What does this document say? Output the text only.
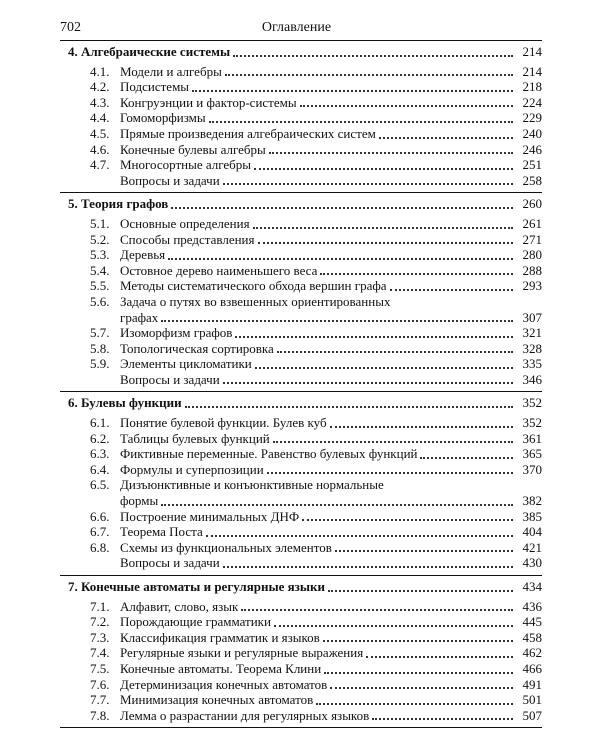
702	Оглавление
4. Алгебраические системы	214
4.1. Модели и алгебры	214
4.2. Подсистемы	218
4.3. Конгруэнции и фактор-системы	224
4.4. Гомоморфизмы	229
4.5. Прямые произведения алгебраических систем	240
4.6. Конечные булевы алгебры	246
4.7. Многосортные алгебры	251
Вопросы и задачи	258
5. Теория графов	260
5.1. Основные определения	261
5.2. Способы представления	271
5.3. Деревья	280
5.4. Остовное дерево наименьшего веса	288
5.5. Методы систематического обхода вершин графа	293
5.6. Задача о путях во взвешенных ориентированных
графах	307
5.7. Изоморфизм графов	321
5.8. Топологическая сортировка	328
5.9. Элементы цикломатики	335
Вопросы и задачи	346
6. Булевы функции	352
6.1. Понятие булевой функции. Булев куб	352
6.2. Таблицы булевых функций	361
6.3. Фиктивные переменные. Равенство булевых функций	365
6.4. Формулы и суперпозиции	370
6.5. Дизъюнктивные и конъюнктивные нормальные
формы	382
6.6. Построение минимальных ДНФ	385
6.7. Теорема Поста	404
6.8. Схемы из функциональных элементов	421
Вопросы и задачи	430
7. Конечные автоматы и регулярные языки	434
7.1. Алфавит, слово, язык	436
7.2. Порождающие грамматики	445
7.3. Классификация грамматик и языков	458
7.4. Регулярные языки и регулярные выражения	462
7.5. Конечные автоматы. Теорема Клини	466
7.6. Детерминизация конечных автоматов	491
7.7. Минимизация конечных автоматов	501
7.8. Лемма о разрастании для регулярных языков	507
